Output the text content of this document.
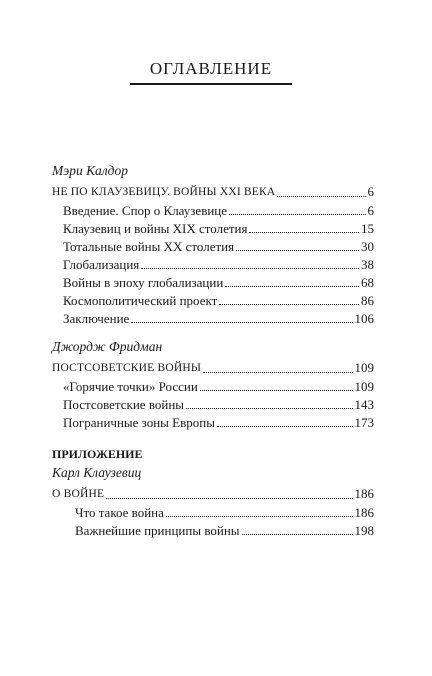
ОГЛАВЛЕНИЕ
Мэри Калдор
НЕ ПО КЛАУЗЕВИЦУ. ВОЙНЫ XXI ВЕКА	6
Введение. Спор о Клаузевице	6
Клаузевиц и войны XIX столетия	15
Тотальные войны XX столетия	30
Глобализация	38
Войны в эпоху глобализации	68
Космополитический проект	86
Заключение	106
Джордж Фридман
ПОСТСОВЕТСКИЕ ВОЙНЫ	109
«Горячие точки» России	109
Постсоветские войны	143
Пограничные зоны Европы	173
ПРИЛОЖЕНИЕ
Карл Клаузевиц
О ВОЙНЕ	186
Что такое война	186
Важнейшие принципы войны	198
